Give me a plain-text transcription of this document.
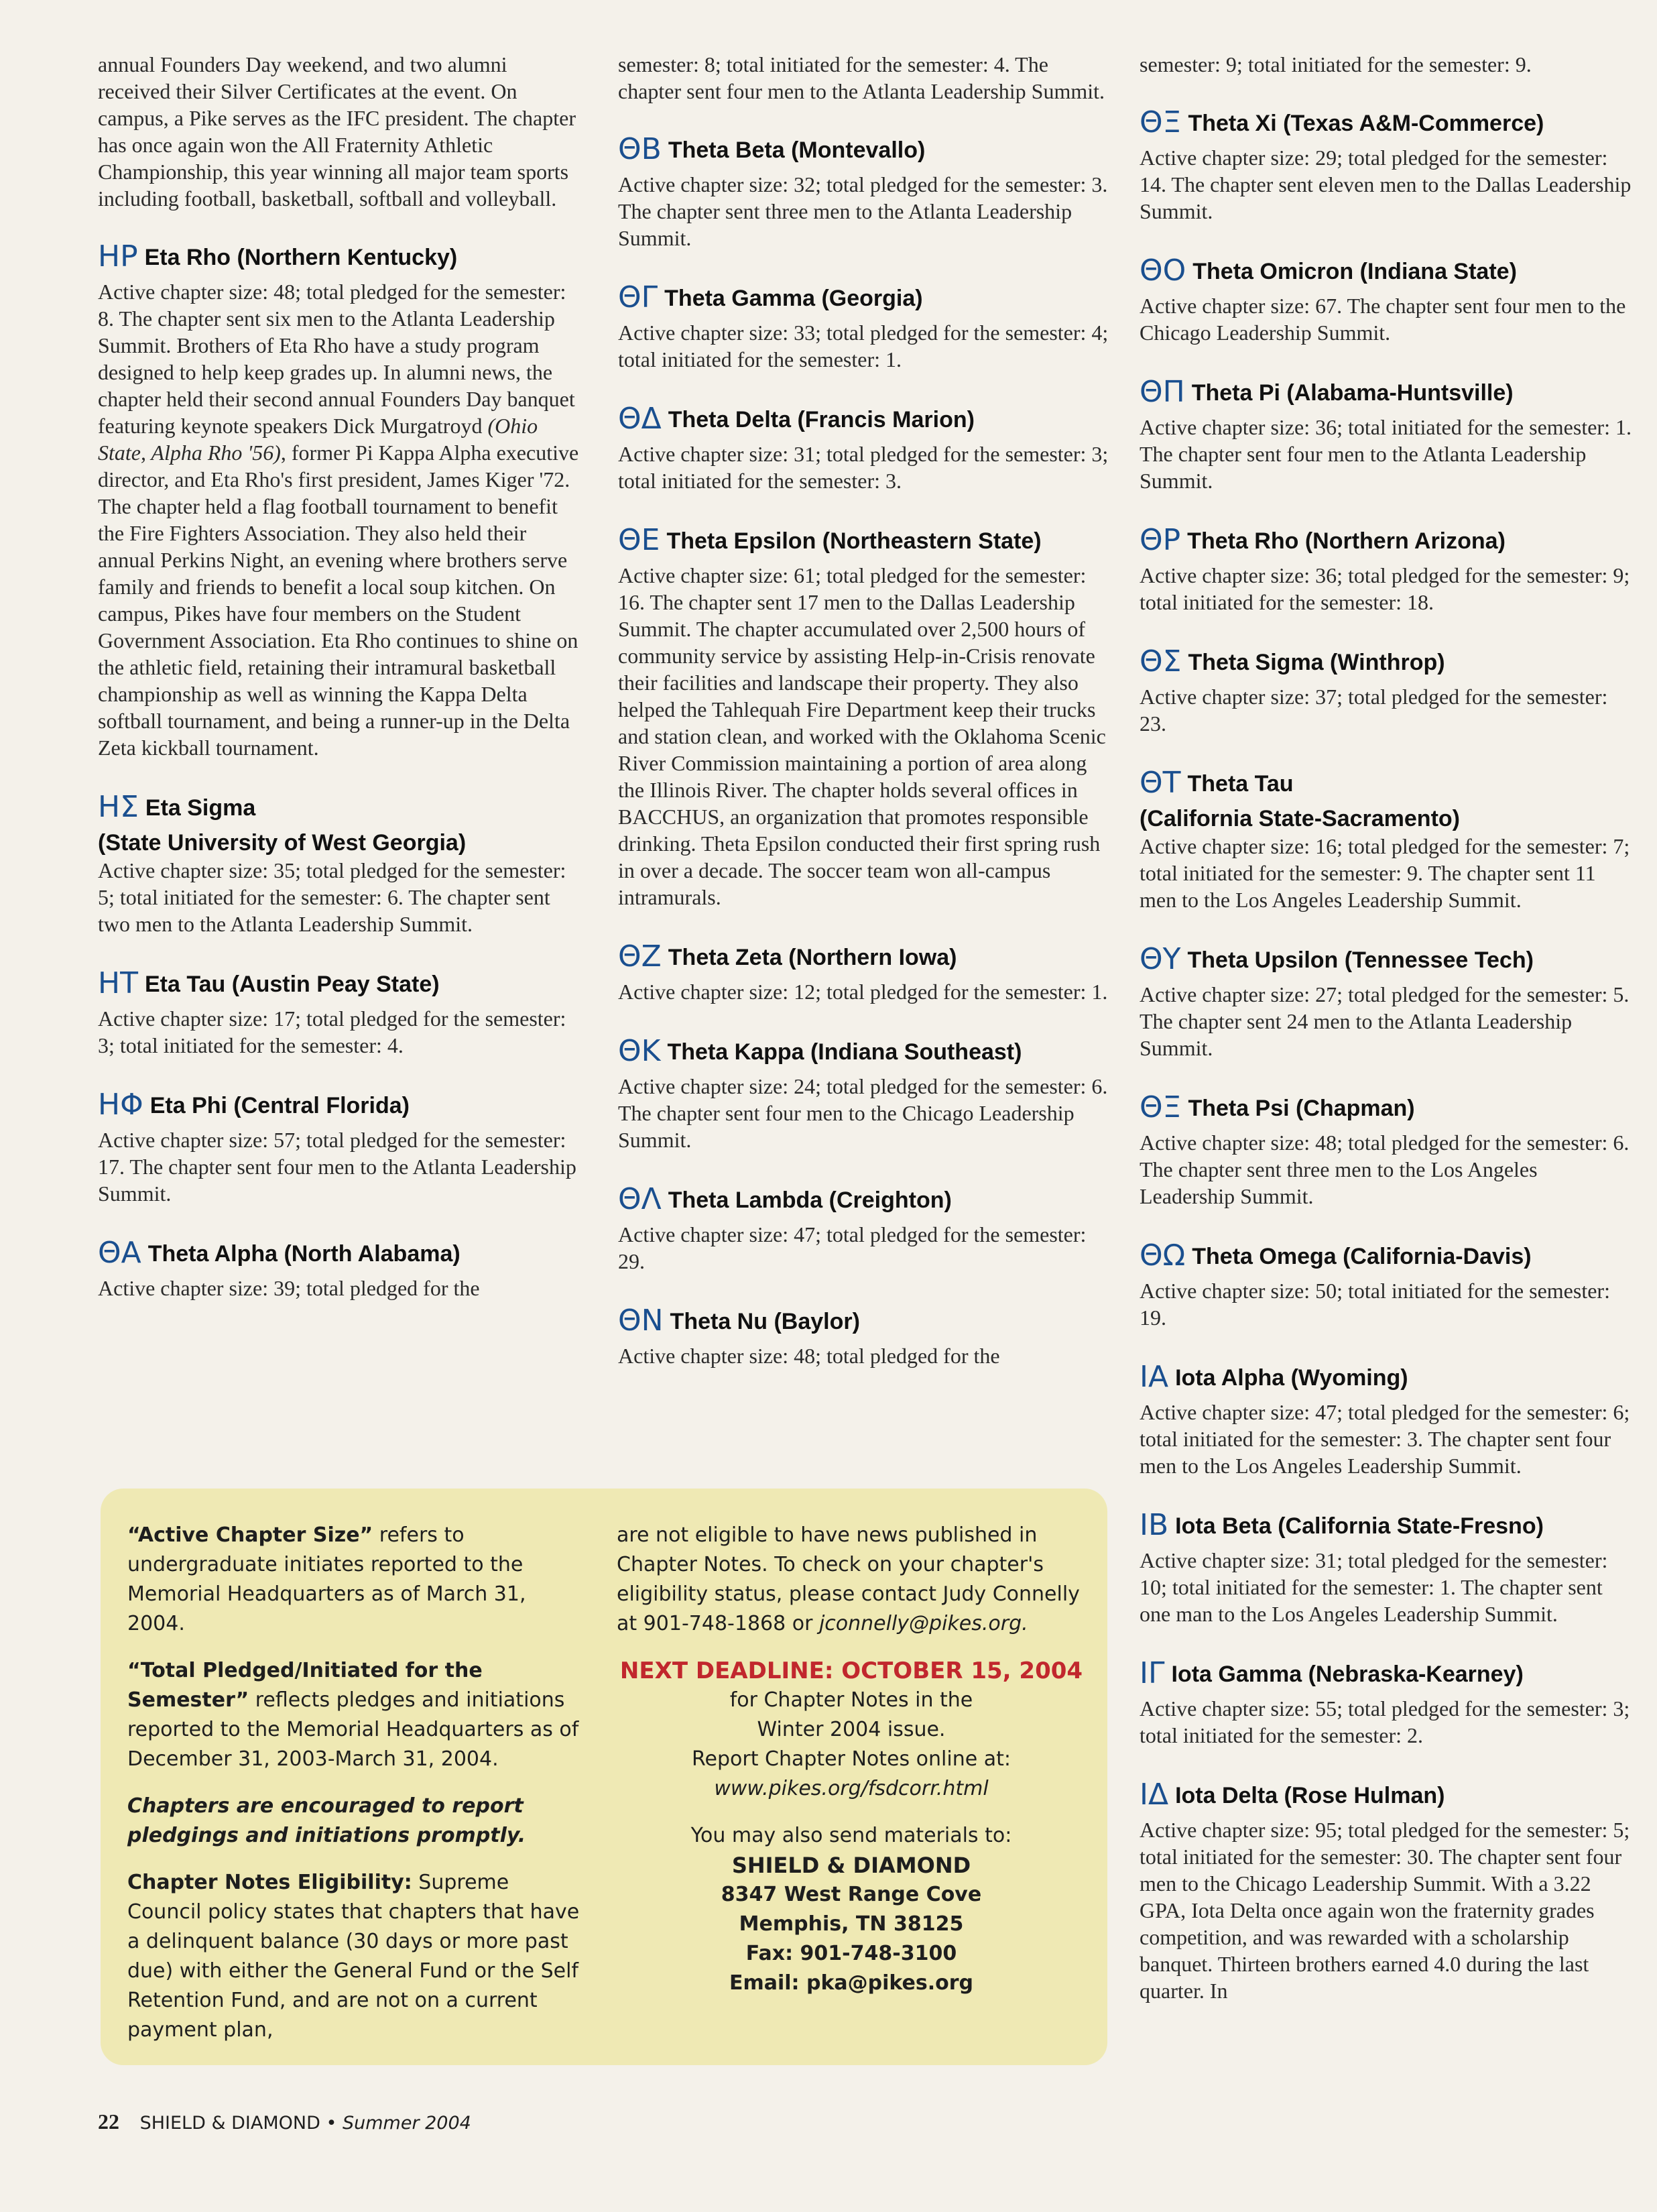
annual Founders Day weekend, and two alumni received their Silver Certificates at the event. On campus, a Pike serves as the IFC president. The chapter has once again won the All Fraternity Athletic Championship, this year winning all major team sports including football, basketball, softball and volleyball.

ΗΡ Eta Rho (Northern Kentucky)

Active chapter size: 48; total pledged for the semester: 8. The chapter sent six men to the Atlanta Leadership Summit. Brothers of Eta Rho have a study program designed to help keep grades up. In alumni news, the chapter held their second annual Founders Day banquet featuring keynote speakers Dick Murgatroyd (Ohio State, Alpha Rho '56), former Pi Kappa Alpha executive director, and Eta Rho's first president, James Kiger '72. The chapter held a flag football tournament to benefit the Fire Fighters Association. They also held their annual Perkins Night, an evening where brothers serve family and friends to benefit a local soup kitchen. On campus, Pikes have four members on the Student Government Association. Eta Rho continues to shine on the athletic field, retaining their intramural basketball championship as well as winning the Kappa Delta softball tournament, and being a runner-up in the Delta Zeta kickball tournament.

ΗΣ Eta Sigma

(State University of West Georgia)

Active chapter size: 35; total pledged for the semester: 5; total initiated for the semester: 6. The chapter sent two men to the Atlanta Leadership Summit.

ΗΤ Eta Tau (Austin Peay State)

Active chapter size: 17; total pledged for the semester: 3; total initiated for the semester: 4.

ΗΦ Eta Phi (Central Florida)

Active chapter size: 57; total pledged for the semester: 17. The chapter sent four men to the Atlanta Leadership Summit.

ΘΑ Theta Alpha (North Alabama)

Active chapter size: 39; total pledged for the

semester: 8; total initiated for the semester: 4. The chapter sent four men to the Atlanta Leadership Summit.

ΘΒ Theta Beta (Montevallo)

Active chapter size: 32; total pledged for the semester: 3. The chapter sent three men to the Atlanta Leadership Summit.

ΘΓ Theta Gamma (Georgia)

Active chapter size: 33; total pledged for the semester: 4; total initiated for the semester: 1.

ΘΔ Theta Delta (Francis Marion)

Active chapter size: 31; total pledged for the semester: 3; total initiated for the semester: 3.

ΘΕ Theta Epsilon (Northeastern State)

Active chapter size: 61; total pledged for the semester: 16. The chapter sent 17 men to the Dallas Leadership Summit. The chapter accumulated over 2,500 hours of community service by assisting Help-in-Crisis renovate their facilities and landscape their property. They also helped the Tahlequah Fire Department keep their trucks and station clean, and worked with the Oklahoma Scenic River Commission maintaining a portion of area along the Illinois River. The chapter holds several offices in BACCHUS, an organization that promotes responsible drinking. Theta Epsilon conducted their first spring rush in over a decade. The soccer team won all-campus intramurals.

ΘΖ Theta Zeta (Northern Iowa)

Active chapter size: 12; total pledged for the semester: 1.

ΘΚ Theta Kappa (Indiana Southeast)

Active chapter size: 24; total pledged for the semester: 6. The chapter sent four men to the Chicago Leadership Summit.

ΘΛ Theta Lambda (Creighton)

Active chapter size: 47; total pledged for the semester: 29.

ΘΝ Theta Nu (Baylor)

Active chapter size: 48; total pledged for the

semester: 9; total initiated for the semester: 9.

ΘΞ Theta Xi (Texas A&M-Commerce)

Active chapter size: 29; total pledged for the semester: 14. The chapter sent eleven men to the Dallas Leadership Summit.

ΘΟ Theta Omicron (Indiana State)

Active chapter size: 67. The chapter sent four men to the Chicago Leadership Summit.

ΘΠ Theta Pi (Alabama-Huntsville)

Active chapter size: 36; total initiated for the semester: 1. The chapter sent four men to the Atlanta Leadership Summit.

ΘΡ Theta Rho (Northern Arizona)

Active chapter size: 36; total pledged for the semester: 9; total initiated for the semester: 18.

ΘΣ Theta Sigma (Winthrop)

Active chapter size: 37; total pledged for the semester: 23.

ΘΤ Theta Tau

(California State-Sacramento)

Active chapter size: 16; total pledged for the semester: 7; total initiated for the semester: 9. The chapter sent 11 men to the Los Angeles Leadership Summit.

ΘΥ Theta Upsilon (Tennessee Tech)

Active chapter size: 27; total pledged for the semester: 5. The chapter sent 24 men to the Atlanta Leadership Summit.

ΘΞ Theta Psi (Chapman)

Active chapter size: 48; total pledged for the semester: 6. The chapter sent three men to the Los Angeles Leadership Summit.

ΘΩ Theta Omega (California-Davis)

Active chapter size: 50; total initiated for the semester: 19.

ΙΑ Iota Alpha (Wyoming)

Active chapter size: 47; total pledged for the semester: 6; total initiated for the semester: 3. The chapter sent four men to the Los Angeles Leadership Summit.

ΙΒ Iota Beta (California State-Fresno)

Active chapter size: 31; total pledged for the semester: 10; total initiated for the semester: 1. The chapter sent one man to the Los Angeles Leadership Summit.

ΙΓ Iota Gamma (Nebraska-Kearney)

Active chapter size: 55; total pledged for the semester: 3; total initiated for the semester: 2.

ΙΔ Iota Delta (Rose Hulman)

Active chapter size: 95; total pledged for the semester: 5; total initiated for the semester: 30. The chapter sent four men to the Chicago Leadership Summit. With a 3.22 GPA, Iota Delta once again won the fraternity grades competition, and was rewarded with a scholarship banquet. Thirteen brothers earned 4.0 during the last quarter. In

“Active Chapter Size” refers to undergraduate initiates reported to the Memorial Headquarters as of March 31, 2004.

“Total Pledged/Initiated for the Semester” reflects pledges and initiations reported to the Memorial Headquarters as of December 31, 2003-March 31, 2004.

Chapters are encouraged to report pledgings and initiations promptly.

Chapter Notes Eligibility: Supreme Council policy states that chapters that have a delinquent balance (30 days or more past due) with either the General Fund or the Self Retention Fund, and are not on a current payment plan,

are not eligible to have news published in Chapter Notes. To check on your chapter's eligibility status, please contact Judy Connelly at 901-748-1868 or jconnelly@pikes.org.

NEXT DEADLINE: OCTOBER 15, 2004

for Chapter Notes in the

Winter 2004 issue.

Report Chapter Notes online at:

www.pikes.org/fsdcorr.html

You may also send materials to:

SHIELD & DIAMOND

8347 West Range Cove

Memphis, TN 38125

Fax: 901-748-3100

Email: pka@pikes.org

22 SHIELD & DIAMOND • Summer 2004
